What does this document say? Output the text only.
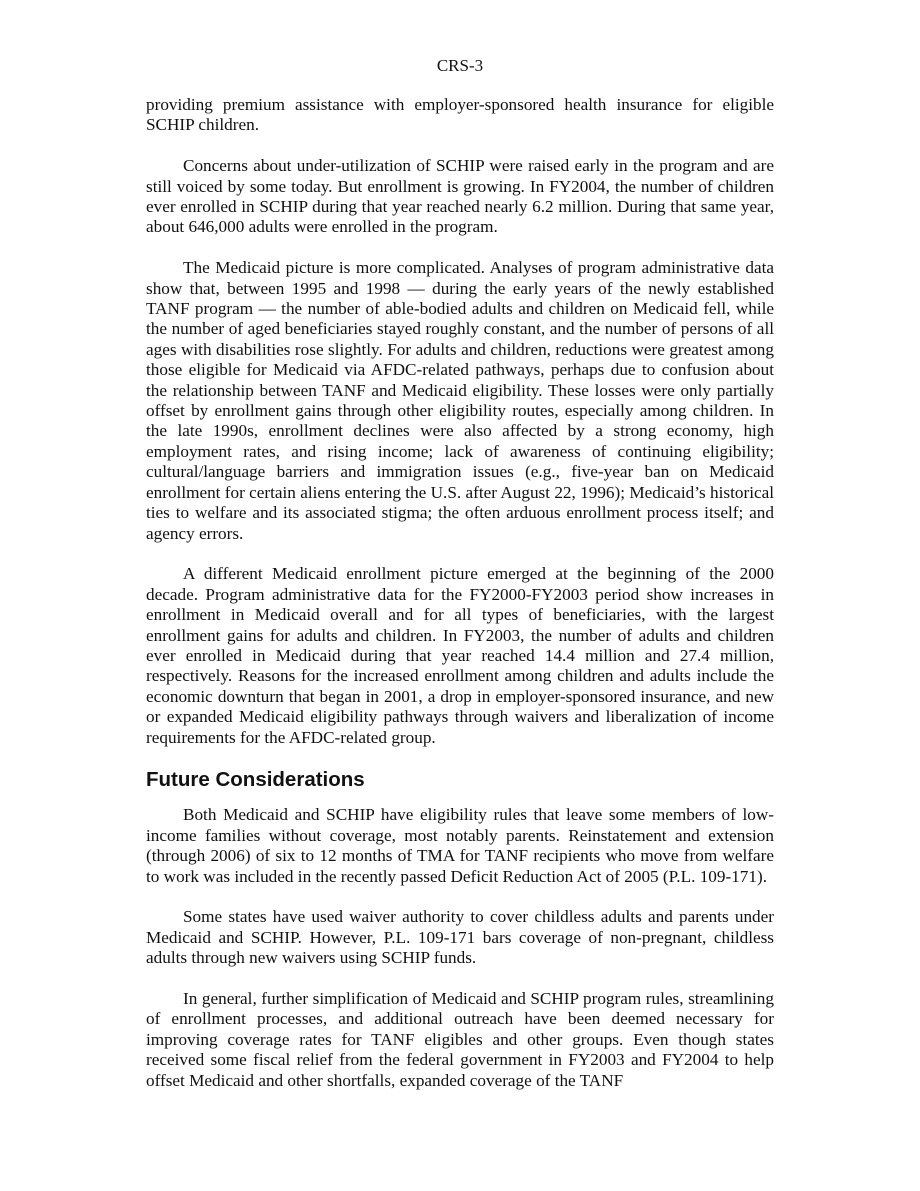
CRS-3

providing premium assistance with employer-sponsored health insurance for eligible SCHIP children.

Concerns about under-utilization of SCHIP were raised early in the program and are still voiced by some today. But enrollment is growing. In FY2004, the number of children ever enrolled in SCHIP during that year reached nearly 6.2 million. During that same year, about 646,000 adults were enrolled in the program.

The Medicaid picture is more complicated. Analyses of program administrative data show that, between 1995 and 1998 — during the early years of the newly established TANF program — the number of able-bodied adults and children on Medicaid fell, while the number of aged beneficiaries stayed roughly constant, and the number of persons of all ages with disabilities rose slightly. For adults and children, reductions were greatest among those eligible for Medicaid via AFDC-related pathways, perhaps due to confusion about the relationship between TANF and Medicaid eligibility. These losses were only partially offset by enrollment gains through other eligibility routes, especially among children. In the late 1990s, enrollment declines were also affected by a strong economy, high employment rates, and rising income; lack of awareness of continuing eligibility; cultural/language barriers and immigration issues (e.g., five-year ban on Medicaid enrollment for certain aliens entering the U.S. after August 22, 1996); Medicaid’s historical ties to welfare and its associated stigma; the often arduous enrollment process itself; and agency errors.

A different Medicaid enrollment picture emerged at the beginning of the 2000 decade. Program administrative data for the FY2000-FY2003 period show increases in enrollment in Medicaid overall and for all types of beneficiaries, with the largest enrollment gains for adults and children. In FY2003, the number of adults and children ever enrolled in Medicaid during that year reached 14.4 million and 27.4 million, respectively. Reasons for the increased enrollment among children and adults include the economic downturn that began in 2001, a drop in employer-sponsored insurance, and new or expanded Medicaid eligibility pathways through waivers and liberalization of income requirements for the AFDC-related group.

Future Considerations

Both Medicaid and SCHIP have eligibility rules that leave some members of low-income families without coverage, most notably parents. Reinstatement and extension (through 2006) of six to 12 months of TMA for TANF recipients who move from welfare to work was included in the recently passed Deficit Reduction Act of 2005 (P.L. 109-171).

Some states have used waiver authority to cover childless adults and parents under Medicaid and SCHIP. However, P.L. 109-171 bars coverage of non-pregnant, childless adults through new waivers using SCHIP funds.

In general, further simplification of Medicaid and SCHIP program rules, streamlining of enrollment processes, and additional outreach have been deemed necessary for improving coverage rates for TANF eligibles and other groups. Even though states received some fiscal relief from the federal government in FY2003 and FY2004 to help offset Medicaid and other shortfalls, expanded coverage of the TANF
